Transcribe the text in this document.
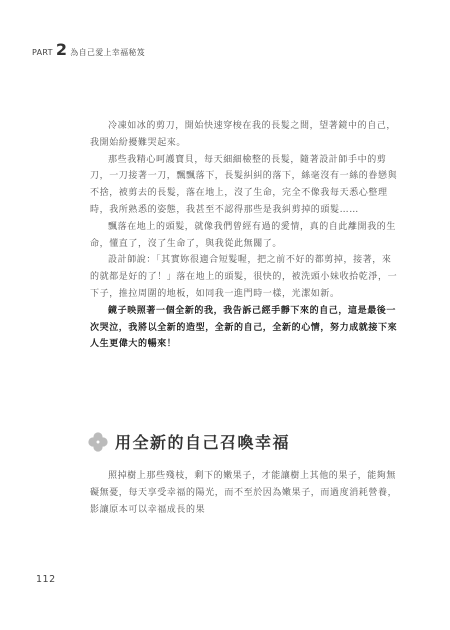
PART 2 為自己愛上幸福秘笈

冷凍如冰的剪刀，開始快速穿梭在我的長髮之間，望著鏡中的自己，我開始紛擾難哭起來。

那些我精心呵護寶貝，每天細細檢整的長髮，隨著設計師手中的剪刀，一刀接著一刀，飄飄落下，長髮糾糾的落下，絲毫沒有一絲的眷戀與不捨，被剪去的長髮，落在地上，沒了生命，完全不像我每天悉心整理時，我所熟悉的姿態，我甚至不認得那些是我糾剪掉的頭髮……

飄落在地上的頭髮，就像我們曾經有過的愛情，真的自此離開我的生命，懂直了，沒了生命了，與我從此無關了。

設計師說：「其實妳很適合短髮喔，把之前不好的都剪掉，接著，來的就都是好的了！」落在地上的頭髮，很快的，被洗頭小妹收拾乾淨，一下子，推拉周圍的地板，如同我一進門時一樣，光潔如新。

鏡子映照著一個全新的我，我告訴己經手靜下來的自己，這是最後一次哭泣，我將以全新的造型，全新的自己，全新的心情，努力成就接下來人生更偉大的暢來！

用全新的自己召喚幸福

照掉樹上那些殘枝，剩下的嫩果子，才能讓樹上其他的果子，能夠無礙無憂，每天享受幸福的陽光，而不至於因為嫩果子，而過度消耗營養，影讓原本可以幸福成長的果

112
